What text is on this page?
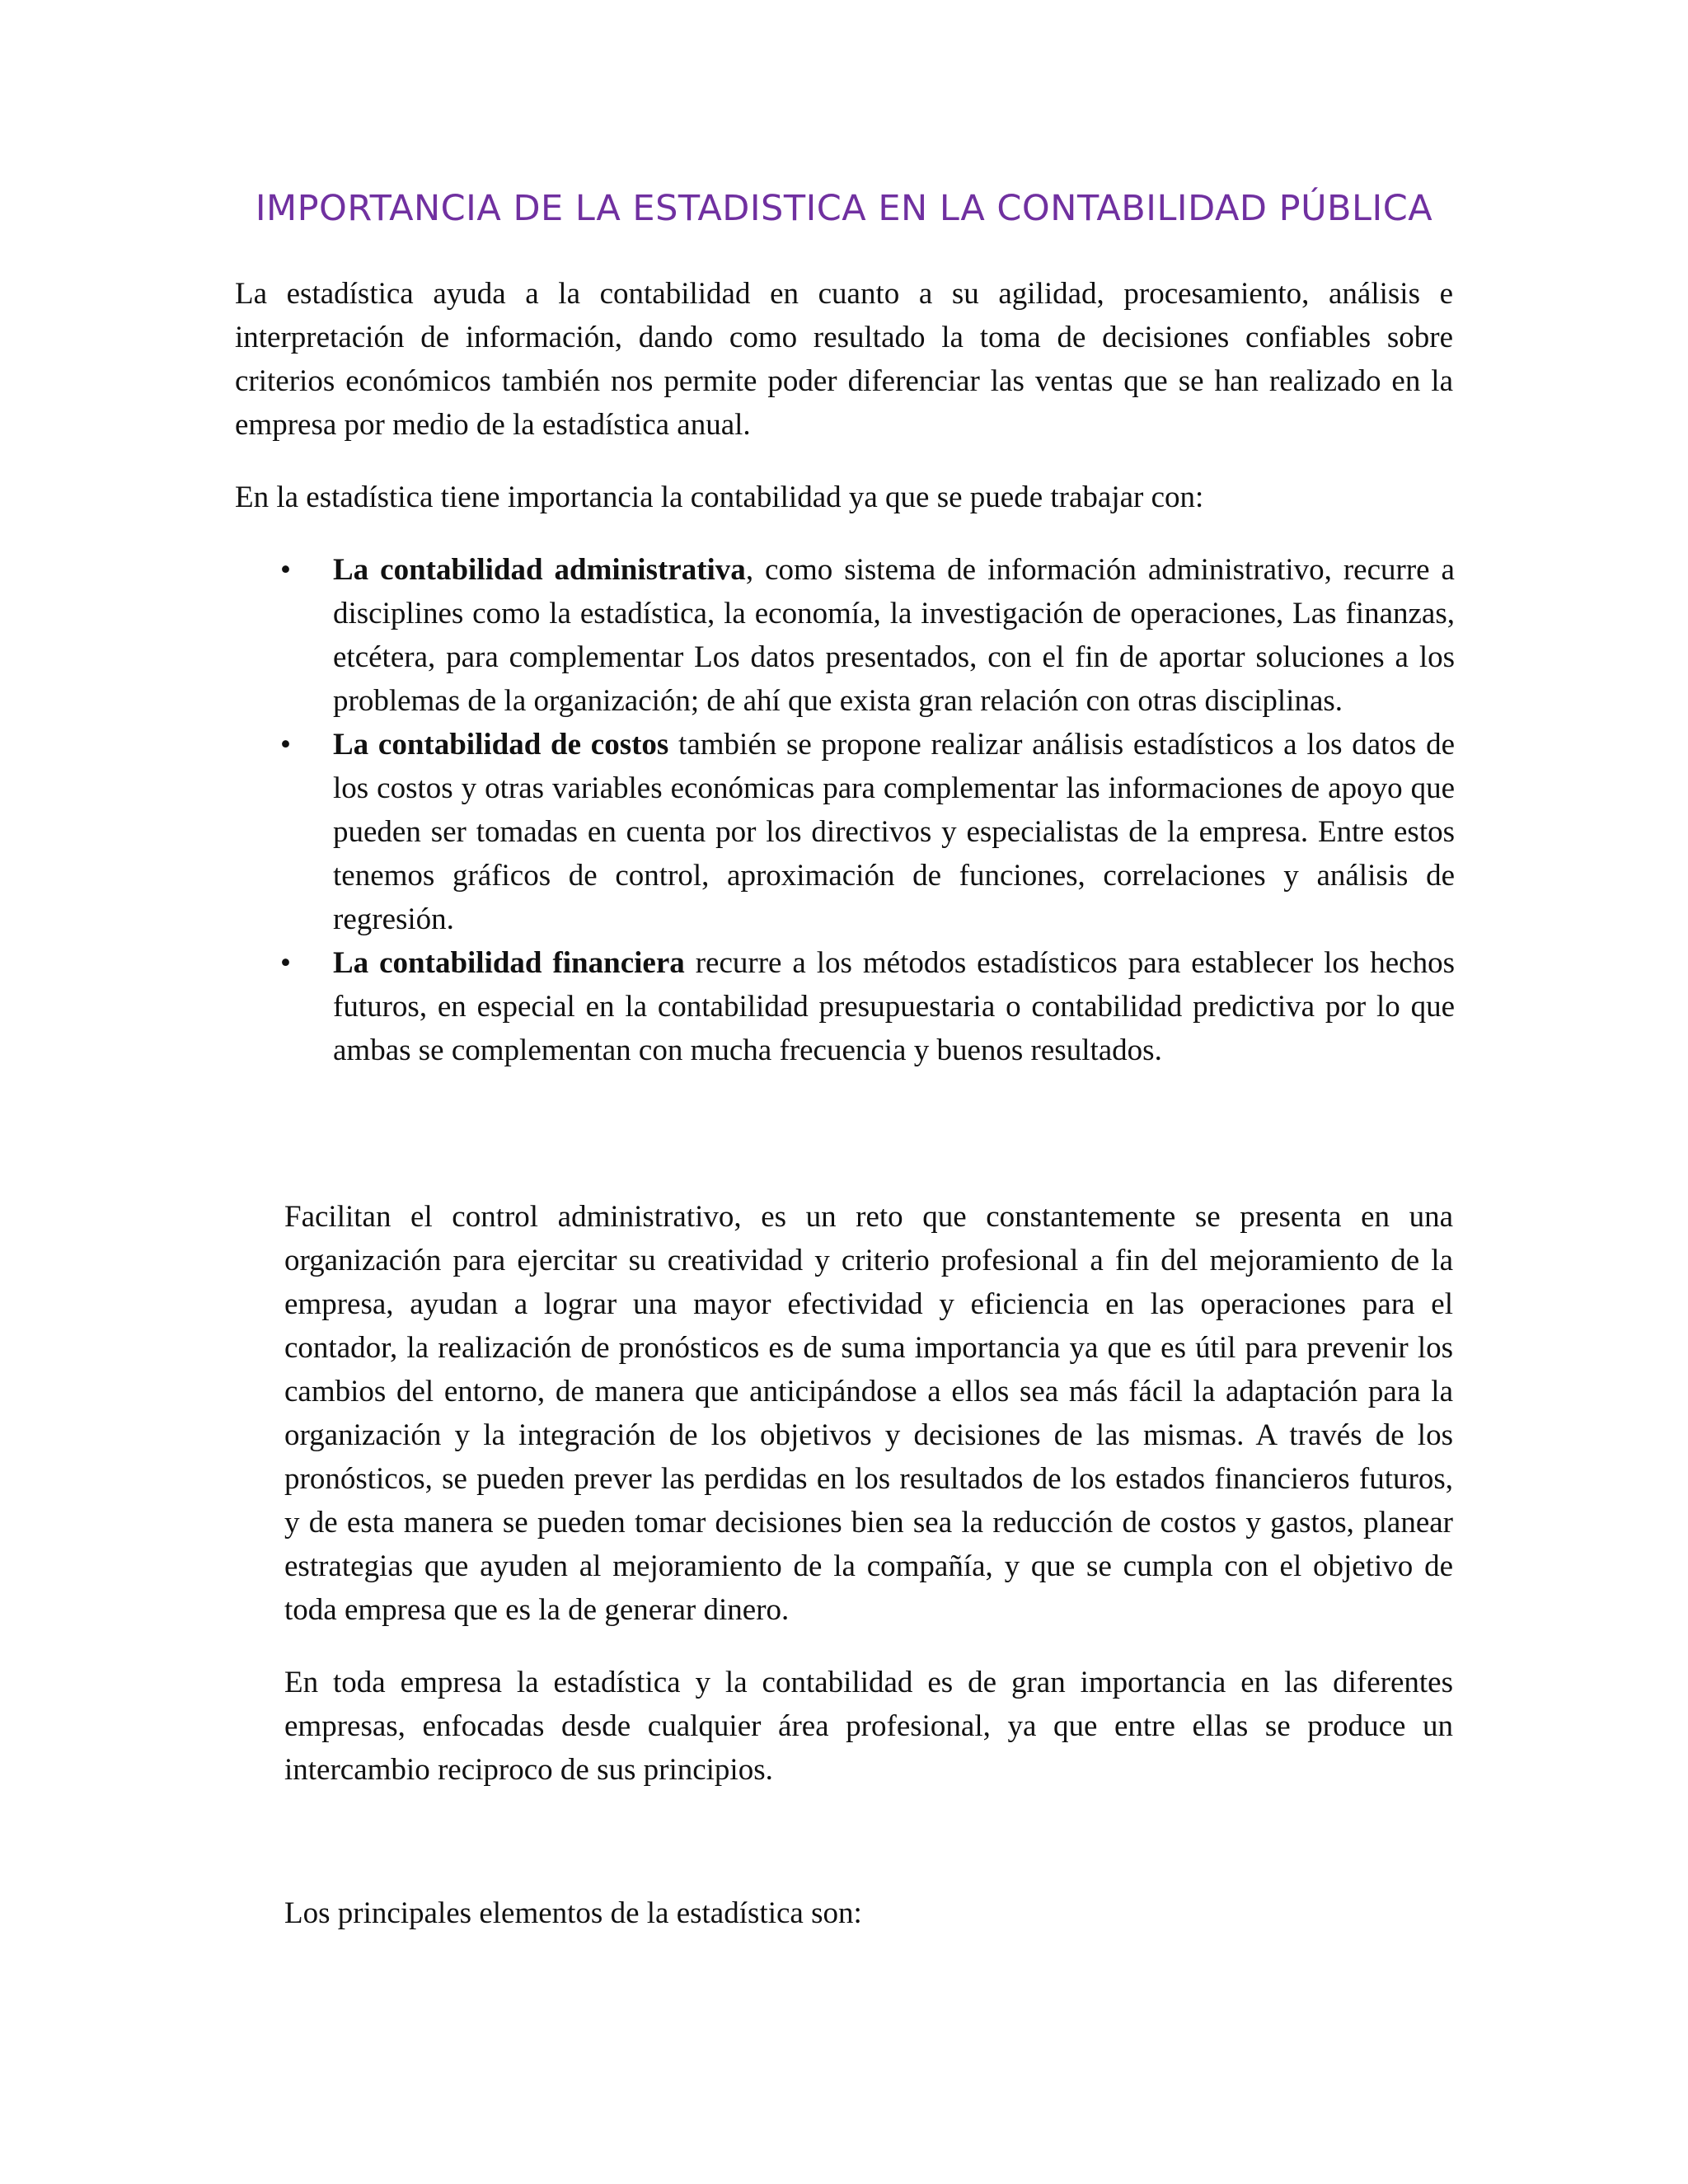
IMPORTANCIA DE LA ESTADISTICA EN LA CONTABILIDAD PÚBLICA

La estadística ayuda a la contabilidad en cuanto a su agilidad, procesamiento, análisis e interpretación de información, dando como resultado la toma de decisiones confiables sobre criterios económicos también nos permite poder diferenciar las ventas que se han realizado en la empresa por medio de la estadística anual.

En la estadística tiene importancia la contabilidad ya que se puede trabajar con:

• La contabilidad administrativa, como sistema de información administrativo, recurre a disciplines como la estadística, la economía, la investigación de operaciones, Las finanzas, etcétera, para complementar Los datos presentados, con el fin de aportar soluciones a los problemas de la organización; de ahí que exista gran relación con otras disciplinas.
• La contabilidad de costos también se propone realizar análisis estadísticos a los datos de los costos y otras variables económicas para complementar las informaciones de apoyo que pueden ser tomadas en cuenta por los directivos y especialistas de la empresa. Entre estos tenemos gráficos de control, aproximación de funciones, correlaciones y análisis de regresión.
• La contabilidad financiera recurre a los métodos estadísticos para establecer los hechos futuros, en especial en la contabilidad presupuestaria o contabilidad predictiva por lo que ambas se complementan con mucha frecuencia y buenos resultados.

Facilitan el control administrativo, es un reto que constantemente se presenta en una organización para ejercitar su creatividad y criterio profesional a fin del mejoramiento de la empresa, ayudan a lograr una mayor efectividad y eficiencia en las operaciones para el contador, la realización de pronósticos es de suma importancia ya que es útil para prevenir los cambios del entorno, de manera que anticipándose a ellos sea más fácil la adaptación para la organización y la integración de los objetivos y decisiones de las mismas. A través de los pronósticos, se pueden prever las perdidas en los resultados de los estados financieros futuros, y de esta manera se pueden tomar decisiones bien sea la reducción de costos y gastos, planear estrategias que ayuden al mejoramiento de la compañía, y que se cumpla con el objetivo de toda empresa que es la de generar dinero.

En toda empresa la estadística y la contabilidad es de gran importancia en las diferentes empresas, enfocadas desde cualquier área profesional, ya que entre ellas se produce un intercambio reciproco de sus principios.

Los principales elementos de la estadística son:
